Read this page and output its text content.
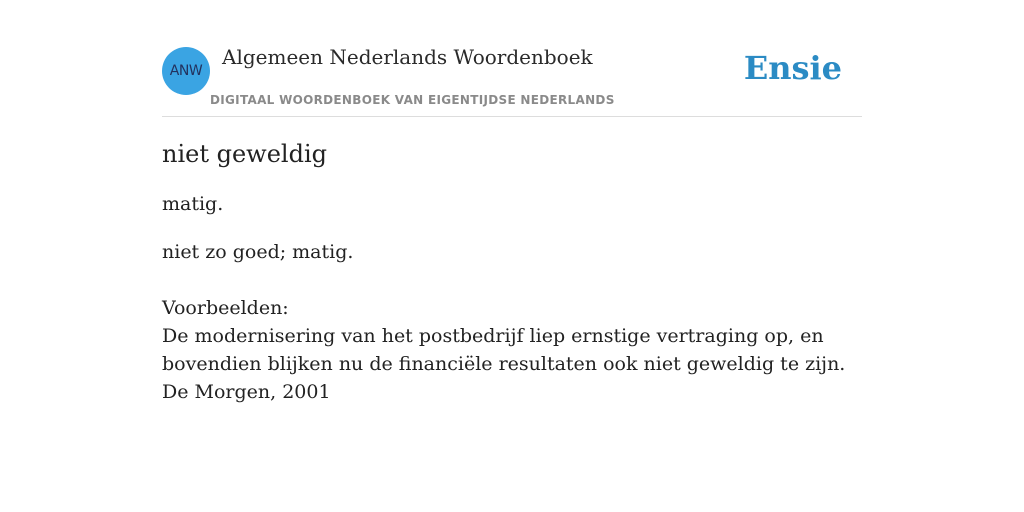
ANW
Algemeen Nederlands Woordenboek
DIGITAAL WOORDENBOEK VAN EIGENTIJDSE NEDERLANDS
Ensie
niet geweldig

matig.

niet zo goed; matig.

Voorbeelden:
De modernisering van het postbedrijf liep ernstige vertraging op, en bovendien blijken nu de financiële resultaten ook niet geweldig te zijn.
De Morgen, 2001
